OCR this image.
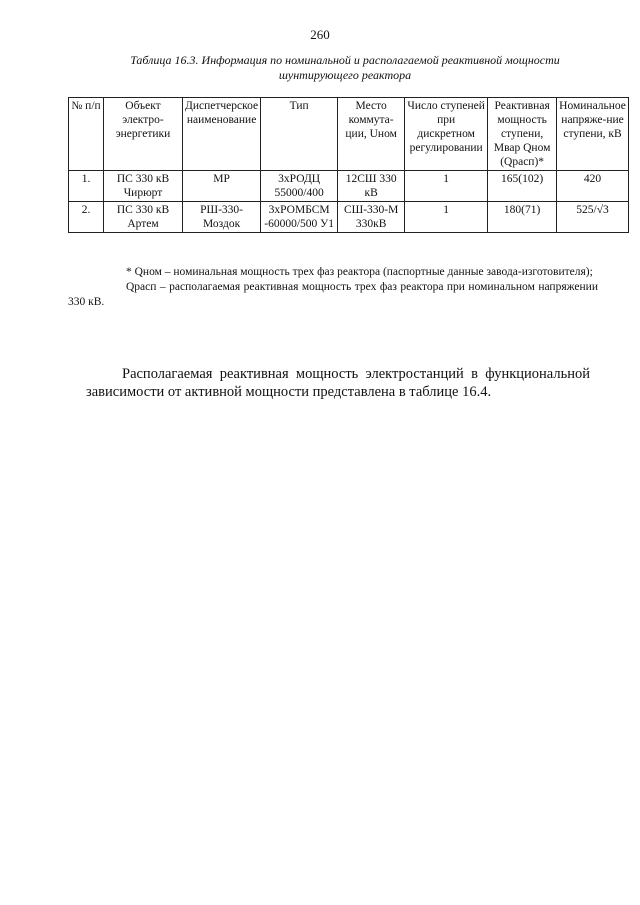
260
Таблица 16.3. Информация по номинальной и располагаемой реактивной мощности шунтирующего реактора
№ п/п	Объект электро-энергетики	Диспетчерское наименование	Тип	Место коммута-ции, Uном	Число ступеней при дискретном регулировании	Реактивная мощность ступени, Мвар Qном (Qрасп)*	Номинальное напряже-ние ступени, кВ
1.	ПС 330 кВ Чирюрт	МР	3хРОДЦ 55000/400	12СШ 330 кВ	1	165(102)	420
2.	ПС 330 кВ Артем	РШ-330-Моздок	3хРОМБСМ -60000/500 У1	СШ-330-М 330кВ	1	180(71)	525/√3

* Qном – номинальная мощность трех фаз реактора (паспортные данные завода-изготовителя);

Qрасп – располагаемая реактивная мощность трех фаз реактора при номинальном напряжении 330 кВ.

Располагаемая реактивная мощность электростанций в функциональной зависимости от активной мощности представлена в таблице 16.4.
